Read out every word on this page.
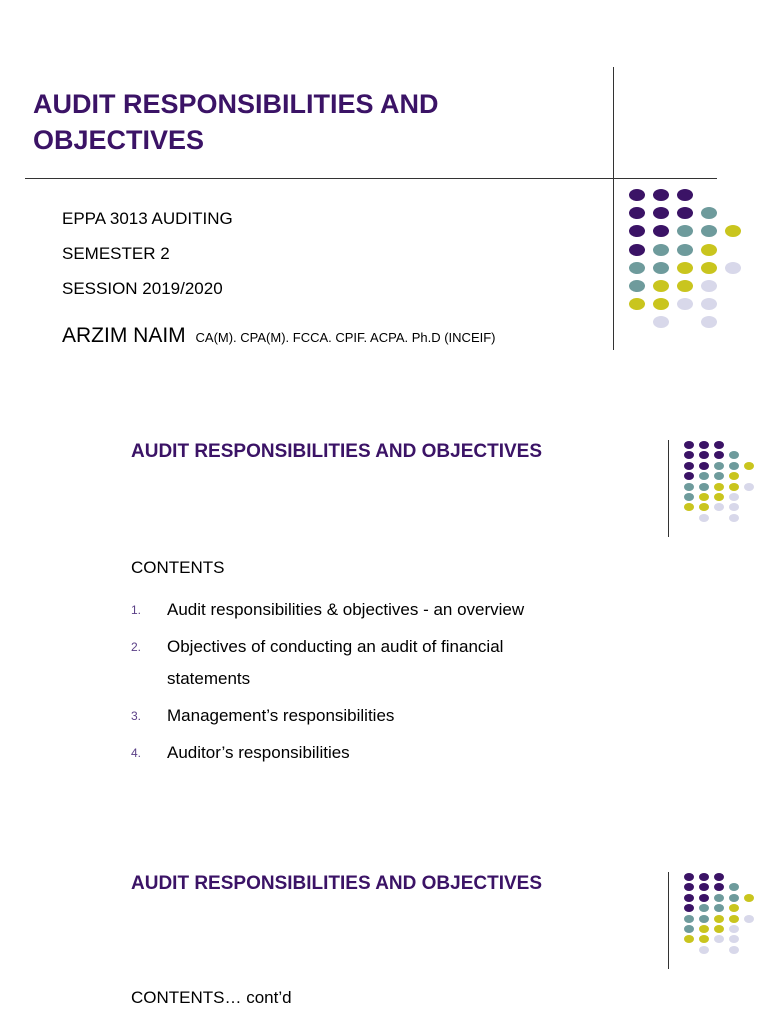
AUDIT RESPONSIBILITIES AND OBJECTIVES
EPPA 3013 AUDITING
SEMESTER 2
SESSION 2019/2020
ARZIM NAIM CA(M). CPA(M). FCCA. CPIF. ACPA. Ph.D (INCEIF)
AUDIT RESPONSIBILITIES AND OBJECTIVES
CONTENTS
1.	Audit responsibilities & objectives - an overview
2.	Objectives of conducting an audit of financial statements
3.	Management’s responsibilities
4.	Auditor’s responsibilities
AUDIT RESPONSIBILITIES AND OBJECTIVES
CONTENTS… cont’d
